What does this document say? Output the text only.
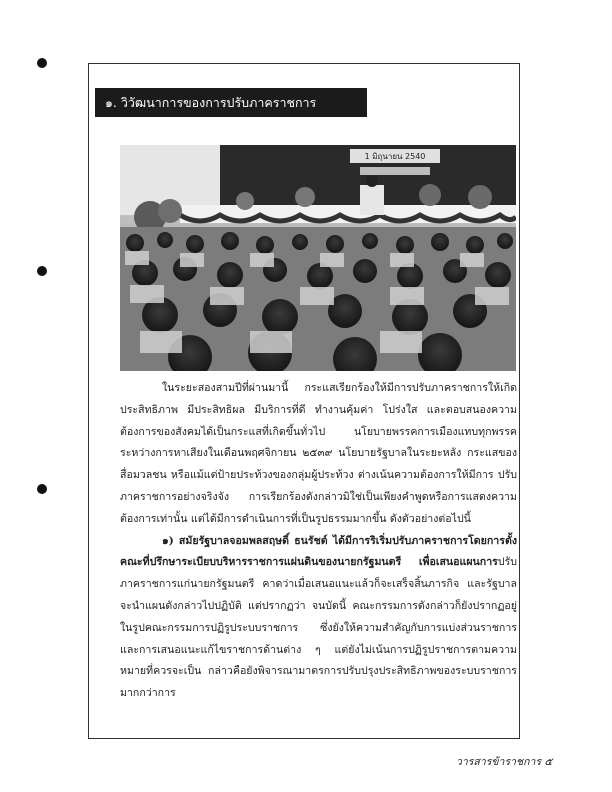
๑. วิวัฒนาการของการปรับภาคราชการ
1 มิถุนายน 2540

ในระยะสองสามปีที่ผ่านมานี้ กระแสเรียกร้องให้มีการปรับภาคราชการให้เกิดประสิทธิภาพ มีประสิทธิผล มีบริการที่ดี ทำงานคุ้มค่า โปร่งใส และตอบสนองความต้องการของสังคมได้เป็นกระแสที่เกิดขึ้นทั่วไป นโยบายพรรคการเมืองแทบทุกพรรคระหว่างการหาเสียงในเดือนพฤศจิกายน ๒๕๓๙ นโยบายรัฐบาลในระยะหลัง กระแสของสื่อมวลชน หรือแม้แต่ป้ายประท้วงของกลุ่มผู้ประท้วง ต่างเน้นความต้องการให้มีการ ปรับภาคราชการอย่างจริงจัง การเรียกร้องดังกล่าวมิใช่เป็นเพียงคำพูดหรือการแสดงความต้องการเท่านั้น แต่ได้มีการดำเนินการที่เป็นรูปธรรมมากขึ้น ดังตัวอย่างต่อไปนี้

๑) สมัยรัฐบาลจอมพลสฤษดิ์ ธนรัชต์ ได้มีการริเริ่มปรับภาคราชการโดยการตั้งคณะที่ปรึกษาระเบียบบริหารราชการแผ่นดินของนายกรัฐมนตรี เพื่อเสนอแผนการปรับภาคราชการแก่นายกรัฐมนตรี คาดว่าเมื่อเสนอแนะแล้วก็จะเสร็จสิ้นภารกิจ และรัฐบาลจะนำแผนดังกล่าวไปปฏิบัติ แต่ปรากฏว่า จนบัดนี้ คณะกรรมการดังกล่าวก็ยังปรากฏอยู่ในรูปคณะกรรมการปฏิรูประบบราชการ ซึ่งยังให้ความสำคัญกับการแบ่งส่วนราชการ และการเสนอแนะแก้ไขราชการด้านต่าง ๆ แต่ยังไม่เน้นการปฏิรูปราชการตามความหมายที่ควรจะเป็น กล่าวคือยังพิจารณามาตรการปรับปรุงประสิทธิภาพของระบบราชการมากกว่าการ

วารสารข้าราชการ ๕
